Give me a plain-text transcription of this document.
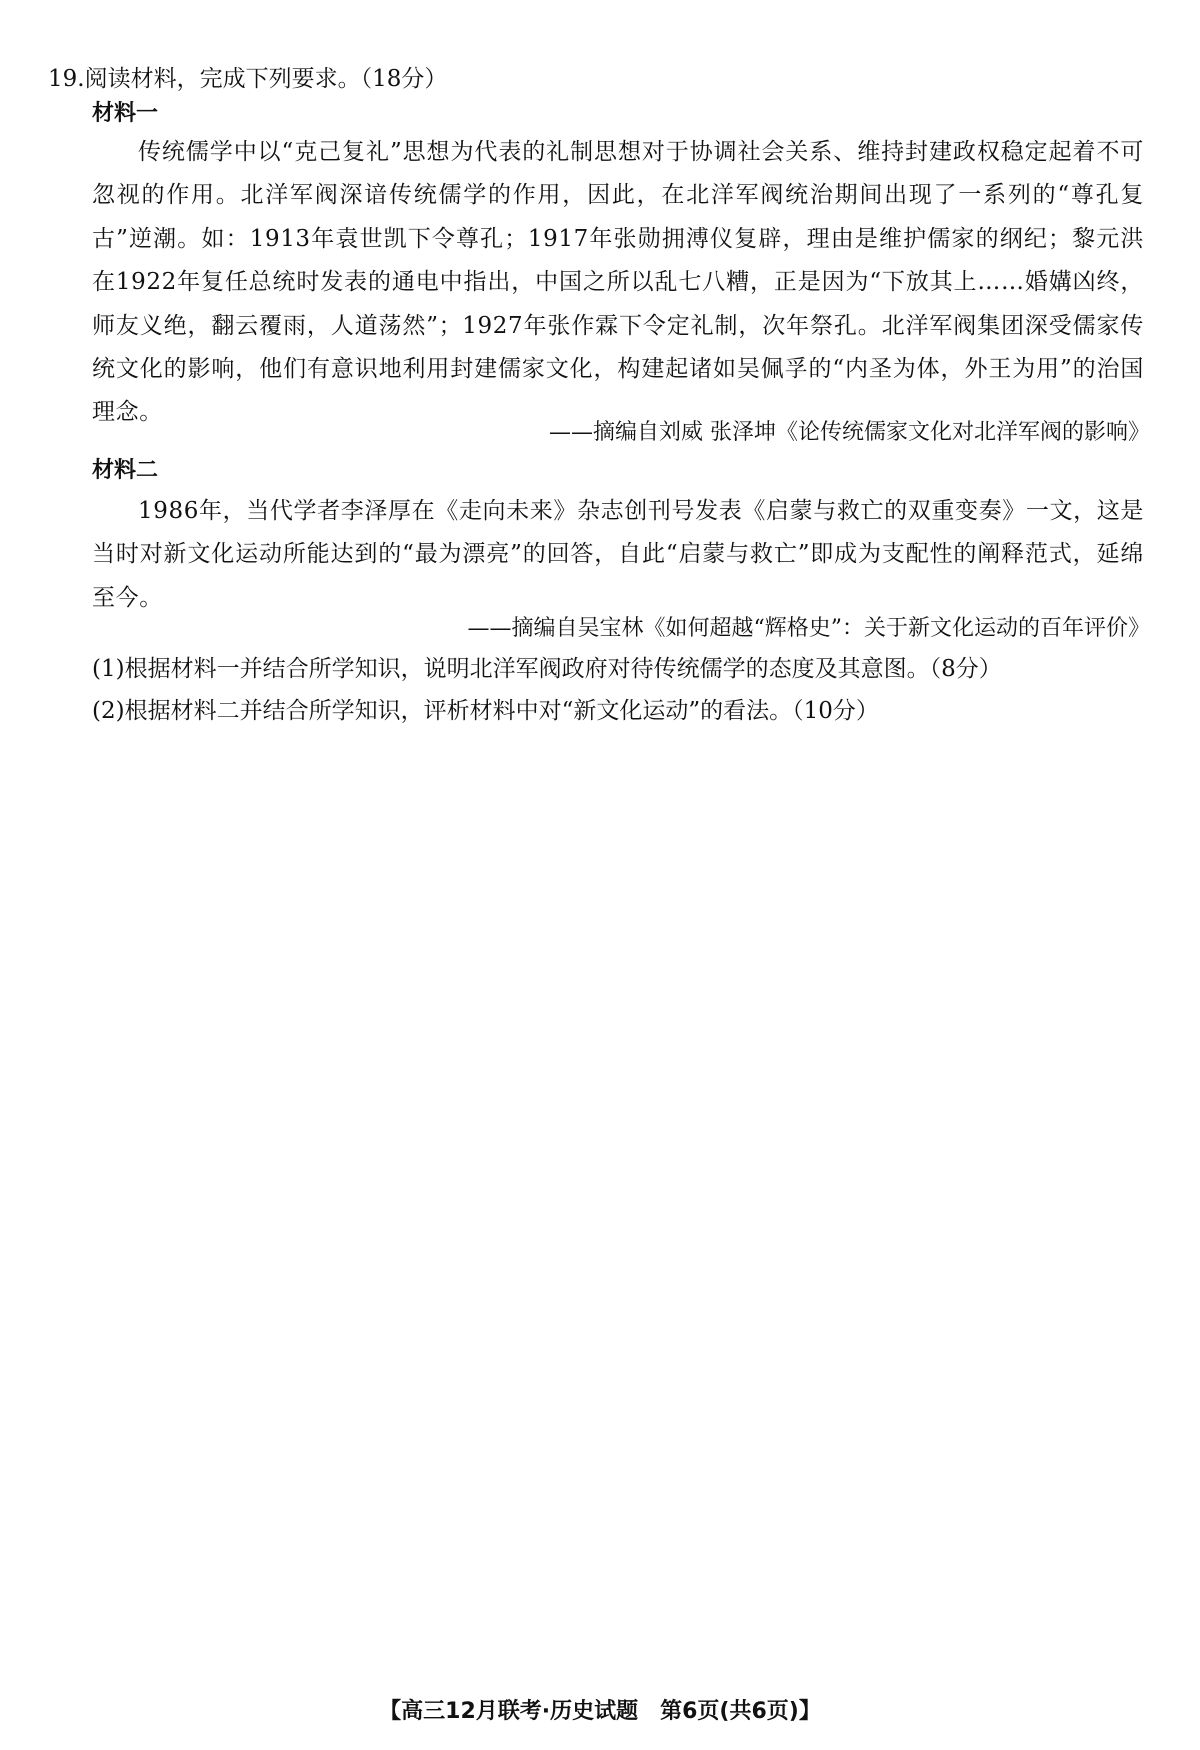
19.阅读材料，完成下列要求。（18分）
材料一
传统儒学中以“克己复礼”思想为代表的礼制思想对于协调社会关系、维持封建政权稳定起着不可忽视的作用。北洋军阀深谙传统儒学的作用，因此，在北洋军阀统治期间出现了一系列的“尊孔复古”逆潮。如：1913年袁世凯下令尊孔；1917年张勋拥溥仪复辟，理由是维护儒家的纲纪；黎元洪在1922年复任总统时发表的通电中指出，中国之所以乱七八糟，正是因为“下放其上……婚媾凶终，师友义绝，翻云覆雨，人道荡然”；1927年张作霖下令定礼制，次年祭孔。北洋军阀集团深受儒家传统文化的影响，他们有意识地利用封建儒家文化，构建起诸如吴佩孚的“内圣为体，外王为用”的治国理念。
——摘编自刘威 张泽坤《论传统儒家文化对北洋军阀的影响》
材料二
1986年，当代学者李泽厚在《走向未来》杂志创刊号发表《启蒙与救亡的双重变奏》一文，这是当时对新文化运动所能达到的“最为漂亮”的回答，自此“启蒙与救亡”即成为支配性的阐释范式，延绵至今。
——摘编自吴宝林《如何超越“辉格史”：关于新文化运动的百年评价》
(1)根据材料一并结合所学知识，说明北洋军阀政府对待传统儒学的态度及其意图。（8分）
(2)根据材料二并结合所学知识，评析材料中对“新文化运动”的看法。（10分）
【高三12月联考·历史试题　第6页(共6页)】
